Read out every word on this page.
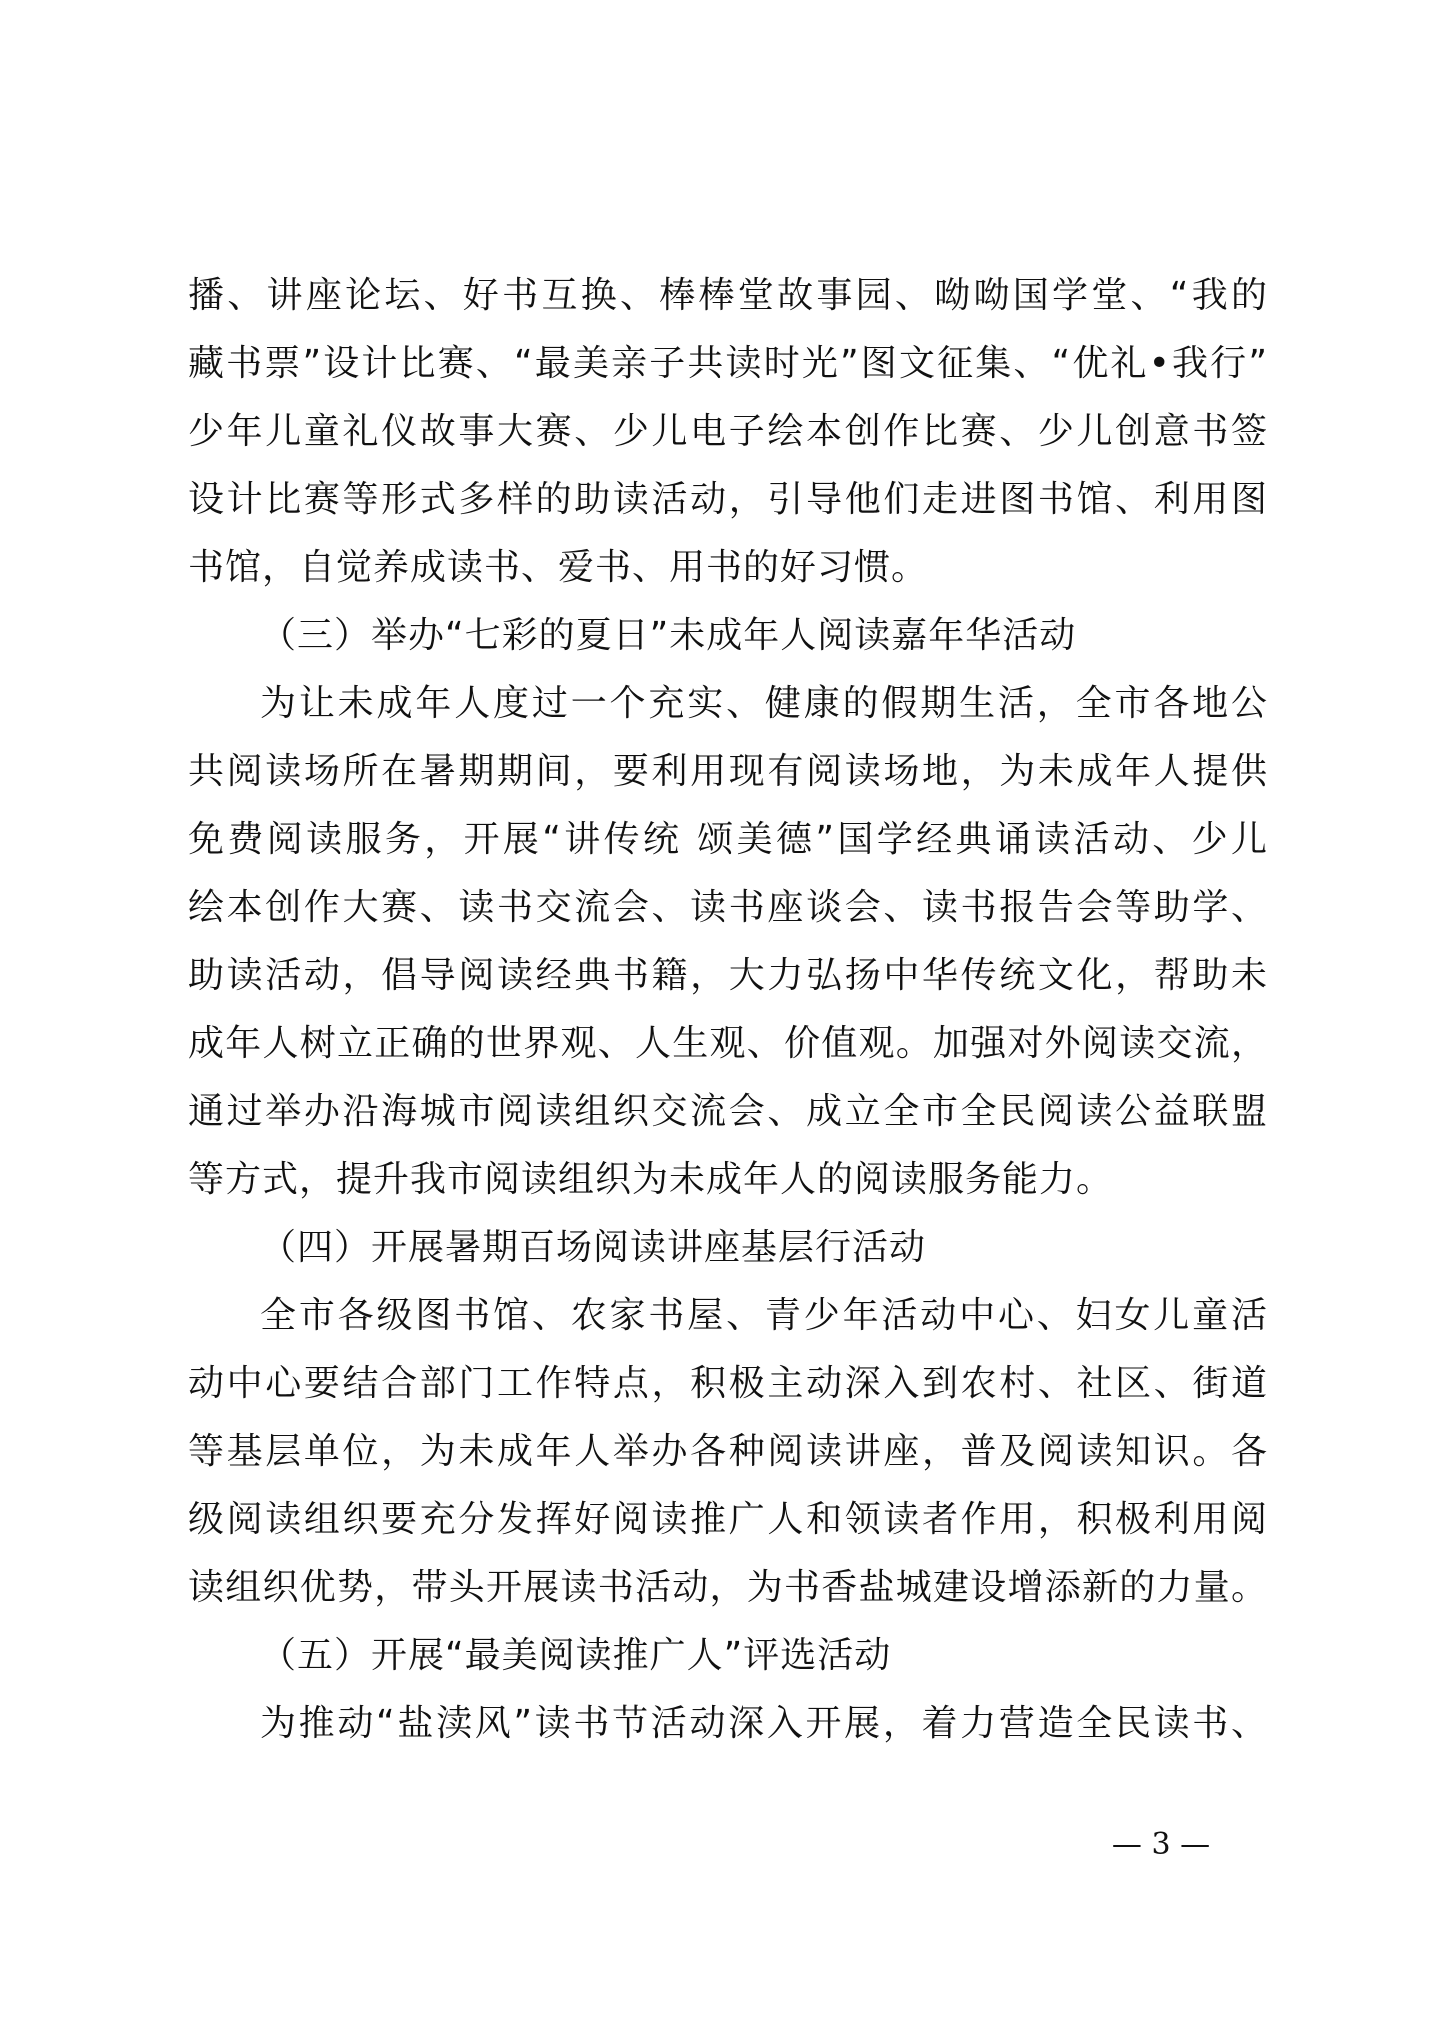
播、讲座论坛、好书互换、棒棒堂故事园、呦呦国学堂、“我的
藏书票”设计比赛、“最美亲子共读时光”图文征集、“优礼•我行”
少年儿童礼仪故事大赛、少儿电子绘本创作比赛、少儿创意书签
设计比赛等形式多样的助读活动，引导他们走进图书馆、利用图
书馆，自觉养成读书、爱书、用书的好习惯。
（三）举办“七彩的夏日”未成年人阅读嘉年华活动
为让未成年人度过一个充实、健康的假期生活，全市各地公
共阅读场所在暑期期间，要利用现有阅读场地，为未成年人提供
免费阅读服务，开展“讲传统 颂美德”国学经典诵读活动、少儿
绘本创作大赛、读书交流会、读书座谈会、读书报告会等助学、
助读活动，倡导阅读经典书籍，大力弘扬中华传统文化，帮助未
成年人树立正确的世界观、人生观、价值观。加强对外阅读交流，
通过举办沿海城市阅读组织交流会、成立全市全民阅读公益联盟
等方式，提升我市阅读组织为未成年人的阅读服务能力。
（四）开展暑期百场阅读讲座基层行活动
全市各级图书馆、农家书屋、青少年活动中心、妇女儿童活
动中心要结合部门工作特点，积极主动深入到农村、社区、街道
等基层单位，为未成年人举办各种阅读讲座，普及阅读知识。各
级阅读组织要充分发挥好阅读推广人和领读者作用，积极利用阅
读组织优势，带头开展读书活动，为书香盐城建设增添新的力量。
（五）开展“最美阅读推广人”评选活动
为推动“盐渎风”读书节活动深入开展，着力营造全民读书、
— 3 —
